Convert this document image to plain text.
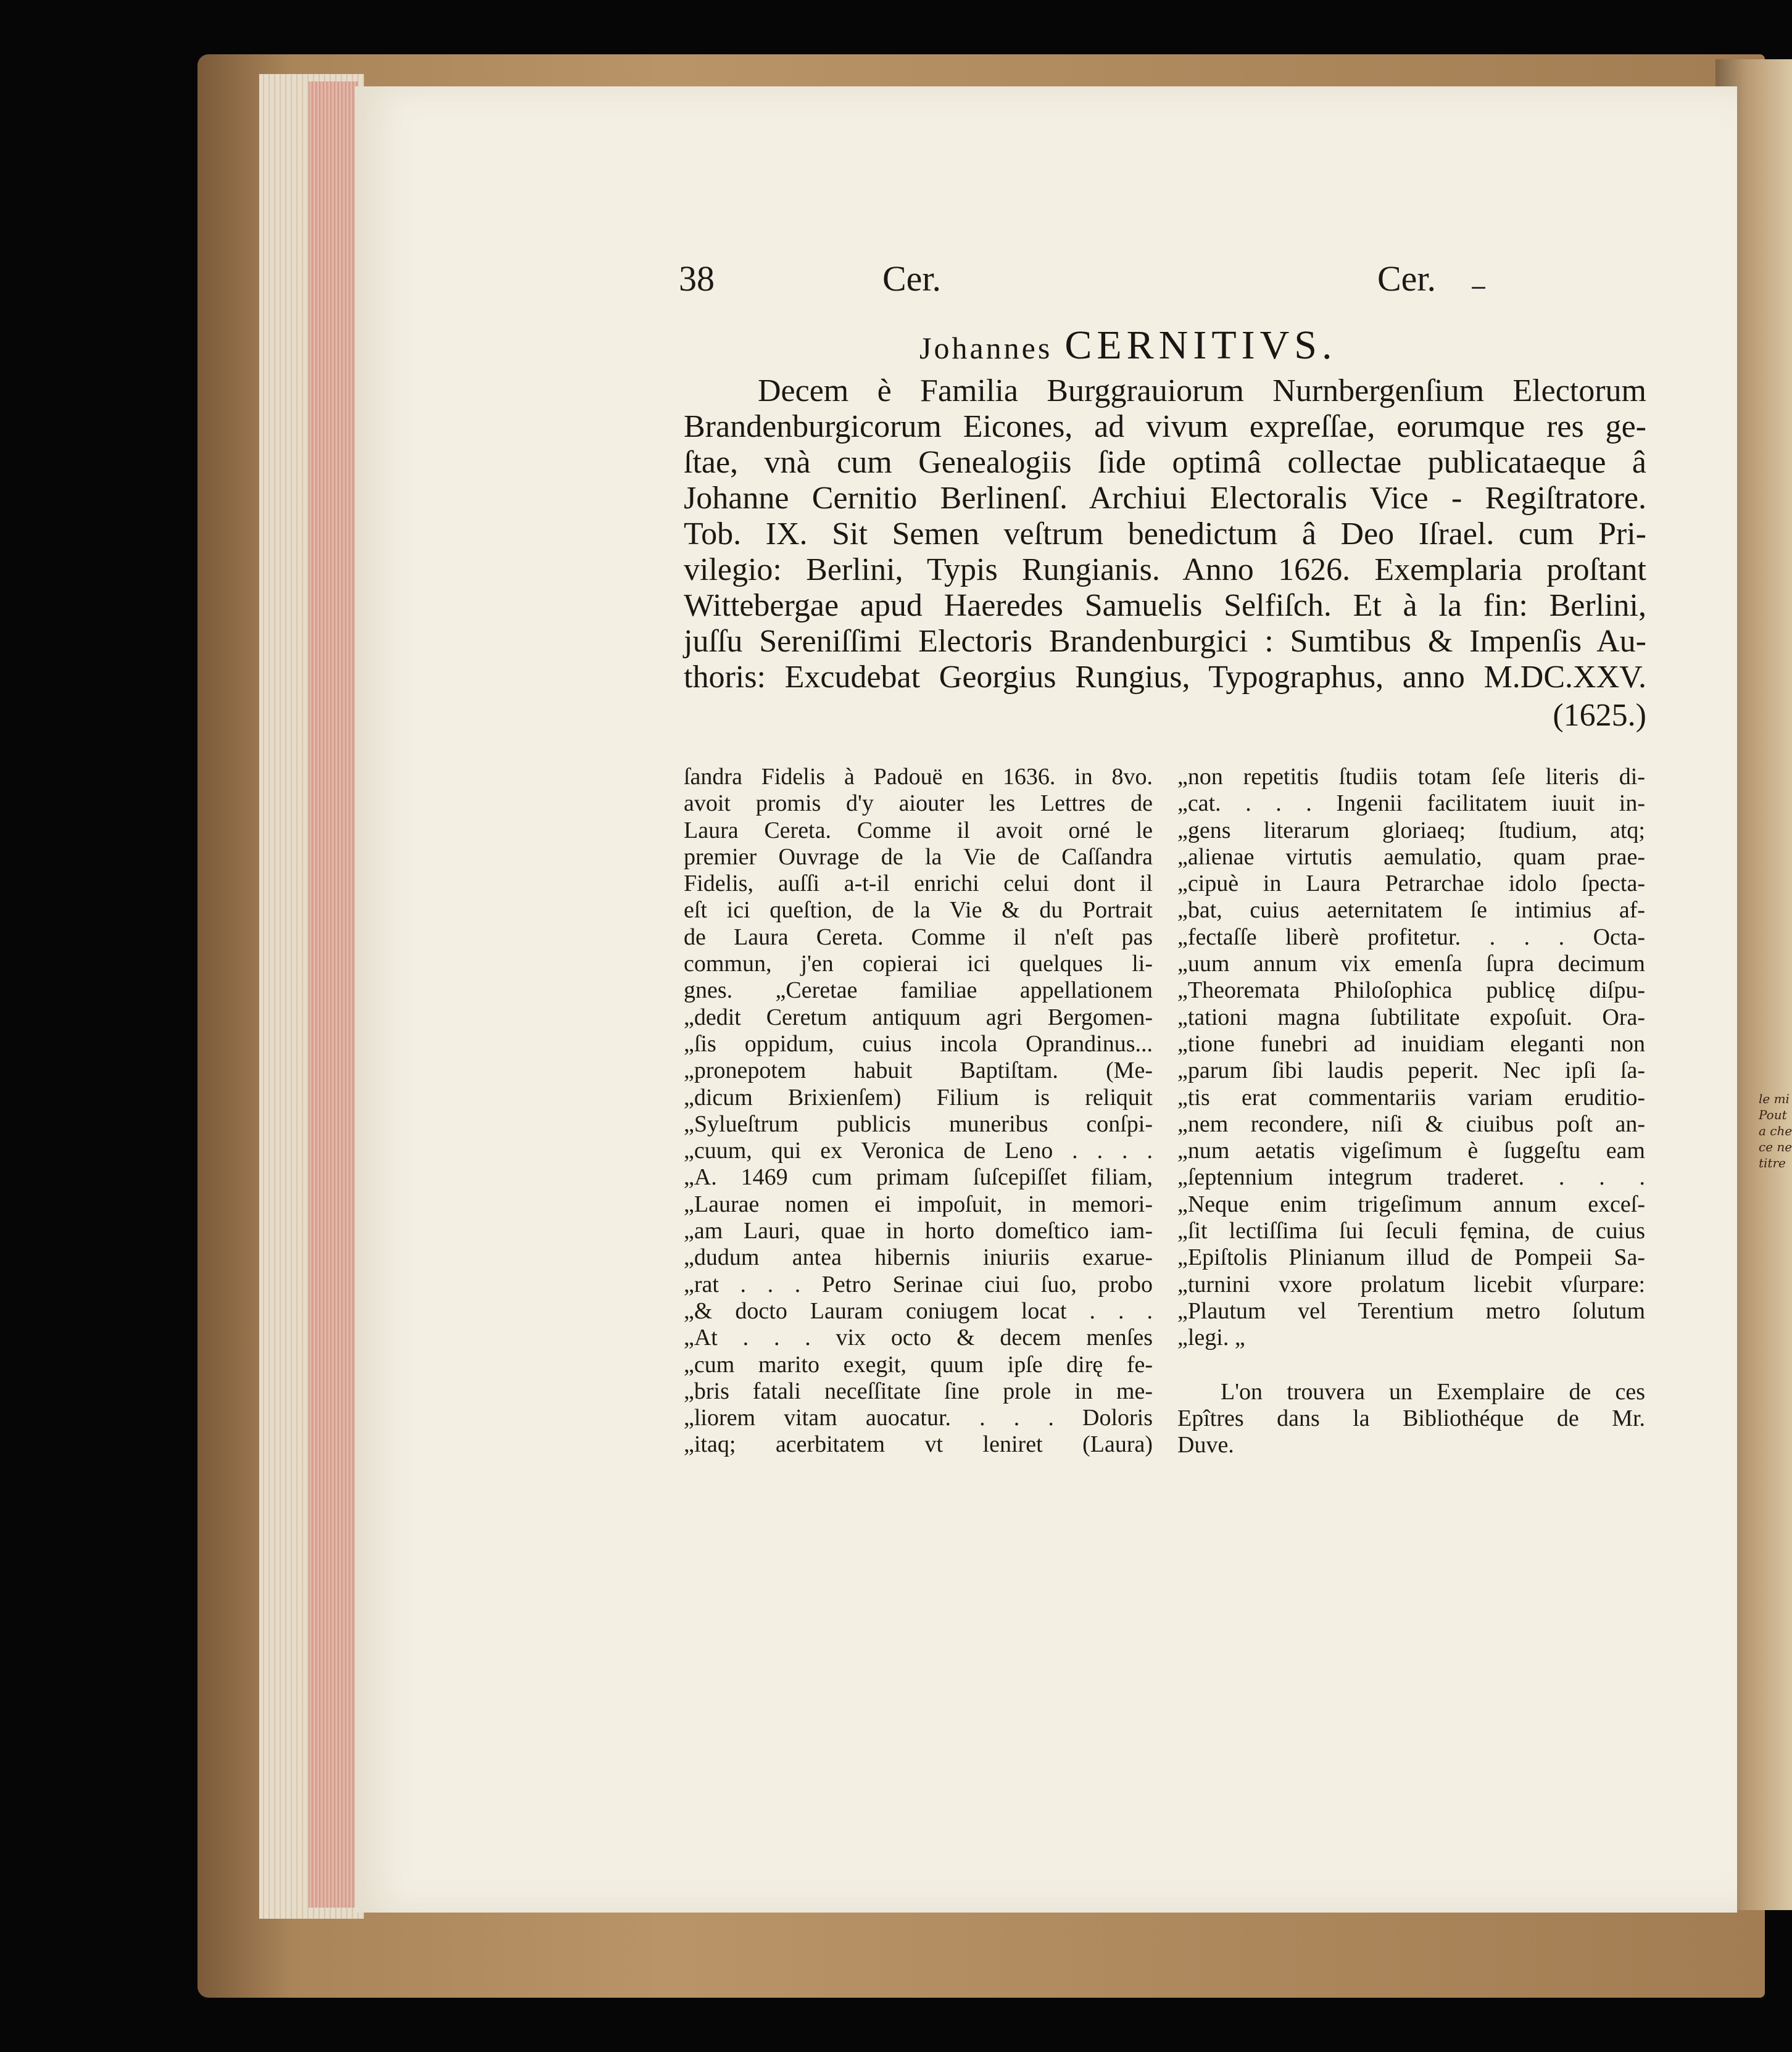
38	Cer.	Cer.
Johannes CERNITIVS.
Decem è Familia Burggrauiorum Nurnbergenſium Electorum
Brandenburgicorum Eicones, ad vivum expreſſae, eorumque res ge-
ſtae, vnà cum Genealogiis ſide optimâ collectae publicataeque â
Johanne Cernitio Berlinenſ. Archiui Electoralis Vice - Regiſtratore.
Tob. IX. Sit Semen veſtrum benedictum â Deo Iſrael. cum Pri-
vilegio: Berlini, Typis Rungianis. Anno 1626. Exemplaria proſtant
Wittebergae apud Haeredes Samuelis Selfiſch. Et à la fin: Berlini,
juſſu Sereniſſimi Electoris Brandenburgici : Sumtibus & Impenſis Au-
thoris: Excudebat Georgius Rungius, Typographus, anno M.DC.XXV.
(1625.)
ſandra Fidelis à Padouë en 1636. in 8vo.
avoit promis d'y aiouter les Lettres de
Laura Cereta. Comme il avoit orné le
premier Ouvrage de la Vie de Caſſandra
Fidelis, auſſi a-t-il enrichi celui dont il
eſt ici queſtion, de la Vie & du Portrait
de Laura Cereta. Comme il n'eſt pas
commun, j'en copierai ici quelques li-
gnes. „Ceretae familiae appellationem
„dedit Ceretum antiquum agri Bergomen-
„ſis oppidum, cuius incola Oprandinus...
„pronepotem habuit Baptiſtam. (Me-
„dicum Brixienſem) Filium is reliquit
„Sylueſtrum publicis muneribus conſpi-
„cuum, qui ex Veronica de Leno . . . .
„A. 1469 cum primam ſuſcepiſſet filiam,
„Laurae nomen ei impoſuit, in memori-
„am Lauri, quae in horto domeſtico iam-
„dudum antea hibernis iniuriis exarue-
„rat . . . Petro Serinae ciui ſuo, probo
„& docto Lauram coniugem locat . . .
„At . . . vix octo & decem menſes
„cum marito exegit, quum ipſe dirę fe-
„bris fatali neceſſitate ſine prole in me-
„liorem vitam auocatur. . . . Doloris
„itaq; acerbitatem vt leniret (Laura)
„non repetitis ſtudiis totam ſeſe literis di-
„cat. . . . Ingenii facilitatem iuuit in-
„gens literarum gloriaeq; ſtudium, atq;
„alienae virtutis aemulatio, quam prae-
„cipuè in Laura Petrarchae idolo ſpecta-
„bat, cuius aeternitatem ſe intimius af-
„fectaſſe liberè profitetur. . . . Octa-
„uum annum vix emenſa ſupra decimum
„Theoremata Philoſophica publicę diſpu-
„tationi magna ſubtilitate expoſuit. Ora-
„tione funebri ad inuidiam eleganti non
„parum ſibi laudis peperit. Nec ipſi ſa-
„tis erat commentariis variam eruditio-
„nem recondere, niſi & ciuibus poſt an-
„num aetatis vigeſimum è ſuggeſtu eam
„ſeptennium integrum traderet. . . .
„Neque enim trigeſimum annum exceſ-
„ſit lectiſſima ſui ſeculi fęmina, de cuius
„Epiſtolis Plinianum illud de Pompeii Sa-
„turnini vxore prolatum licebit vſurpare:
„Plautum vel Terentium metro ſolutum
„legi. „
L'on trouvera un Exemplaire de ces
Epîtres dans la Bibliothéque de Mr.
Duve.
le mi
Pout
a che
ce ne
titre
